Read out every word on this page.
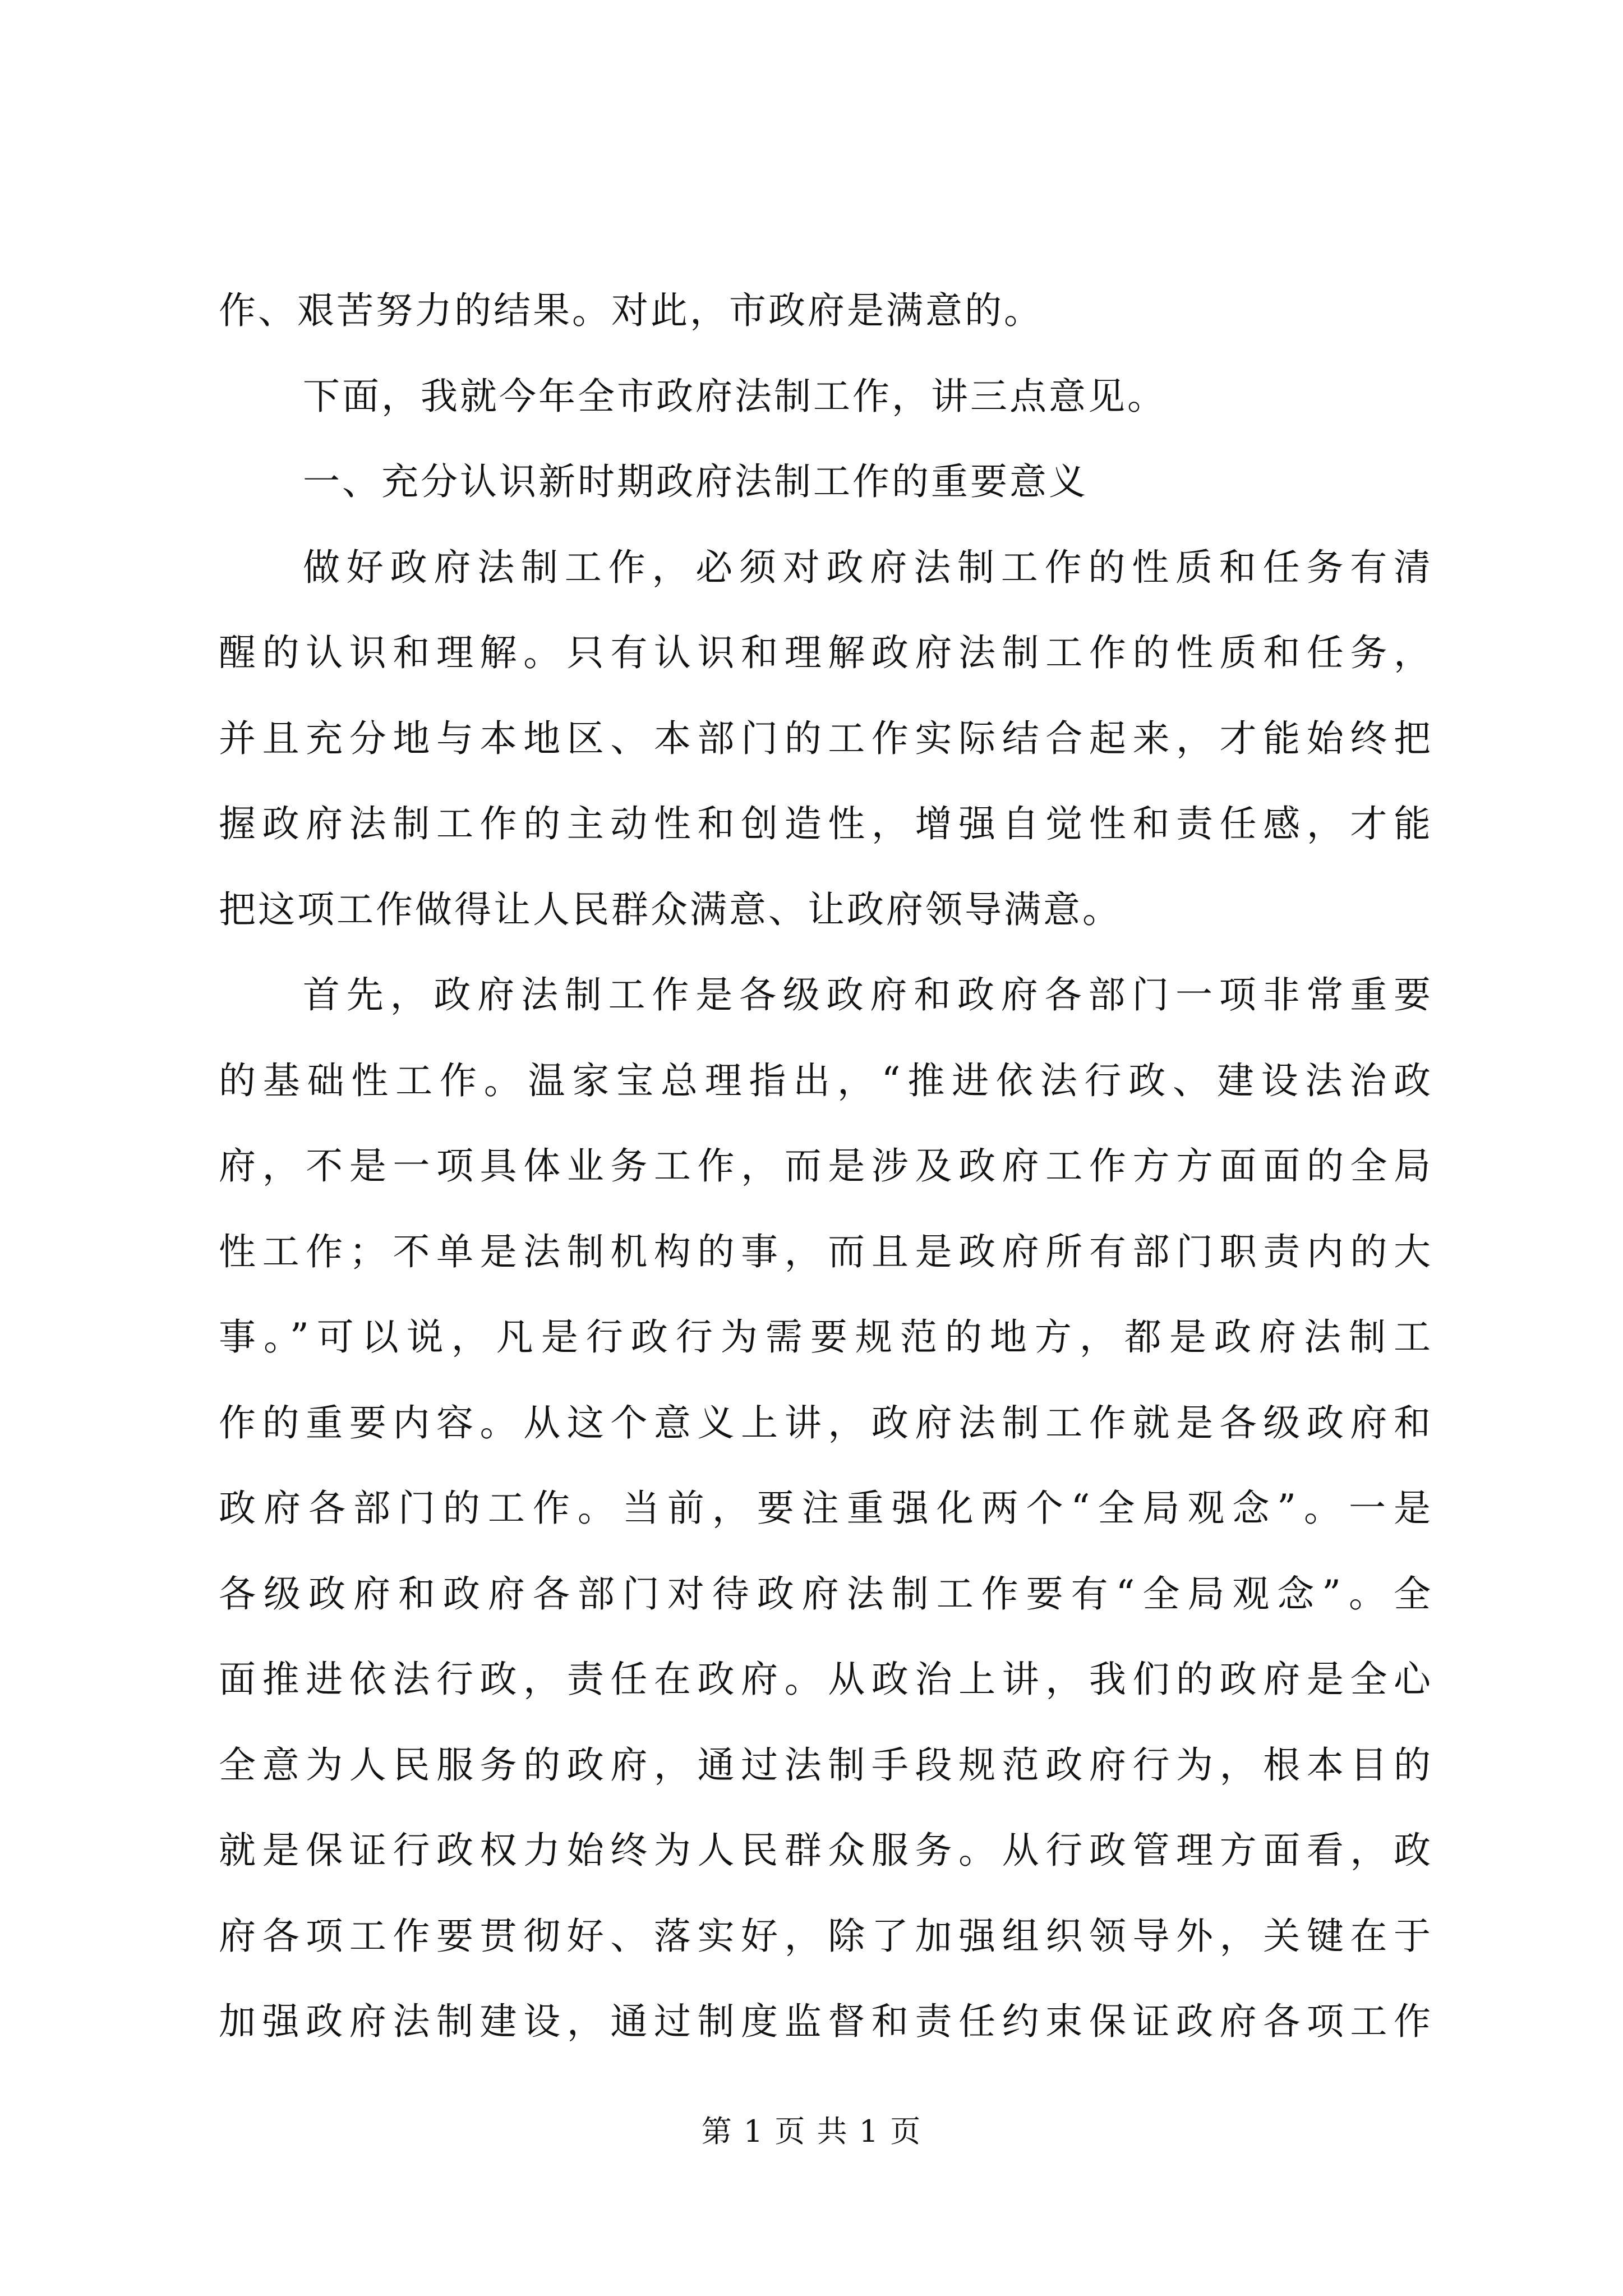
作、艰苦努力的结果。对此，市政府是满意的。
下面，我就今年全市政府法制工作，讲三点意见。
一、充分认识新时期政府法制工作的重要意义
做好政府法制工作，必须对政府法制工作的性质和任务有清
醒的认识和理解。只有认识和理解政府法制工作的性质和任务，
并且充分地与本地区、本部门的工作实际结合起来，才能始终把
握政府法制工作的主动性和创造性，增强自觉性和责任感，才能
把这项工作做得让人民群众满意、让政府领导满意。
首先，政府法制工作是各级政府和政府各部门一项非常重要
的基础性工作。温家宝总理指出，“推进依法行政、建设法治政
府，不是一项具体业务工作，而是涉及政府工作方方面面的全局
性工作；不单是法制机构的事，而且是政府所有部门职责内的大
事。”可以说，凡是行政行为需要规范的地方，都是政府法制工
作的重要内容。从这个意义上讲，政府法制工作就是各级政府和
政府各部门的工作。当前，要注重强化两个“全局观念”。一是
各级政府和政府各部门对待政府法制工作要有“全局观念”。全
面推进依法行政，责任在政府。从政治上讲，我们的政府是全心
全意为人民服务的政府，通过法制手段规范政府行为，根本目的
就是保证行政权力始终为人民群众服务。从行政管理方面看，政
府各项工作要贯彻好、落实好，除了加强组织领导外，关键在于
加强政府法制建设，通过制度监督和责任约束保证政府各项工作
第 1 页 共 1 页
